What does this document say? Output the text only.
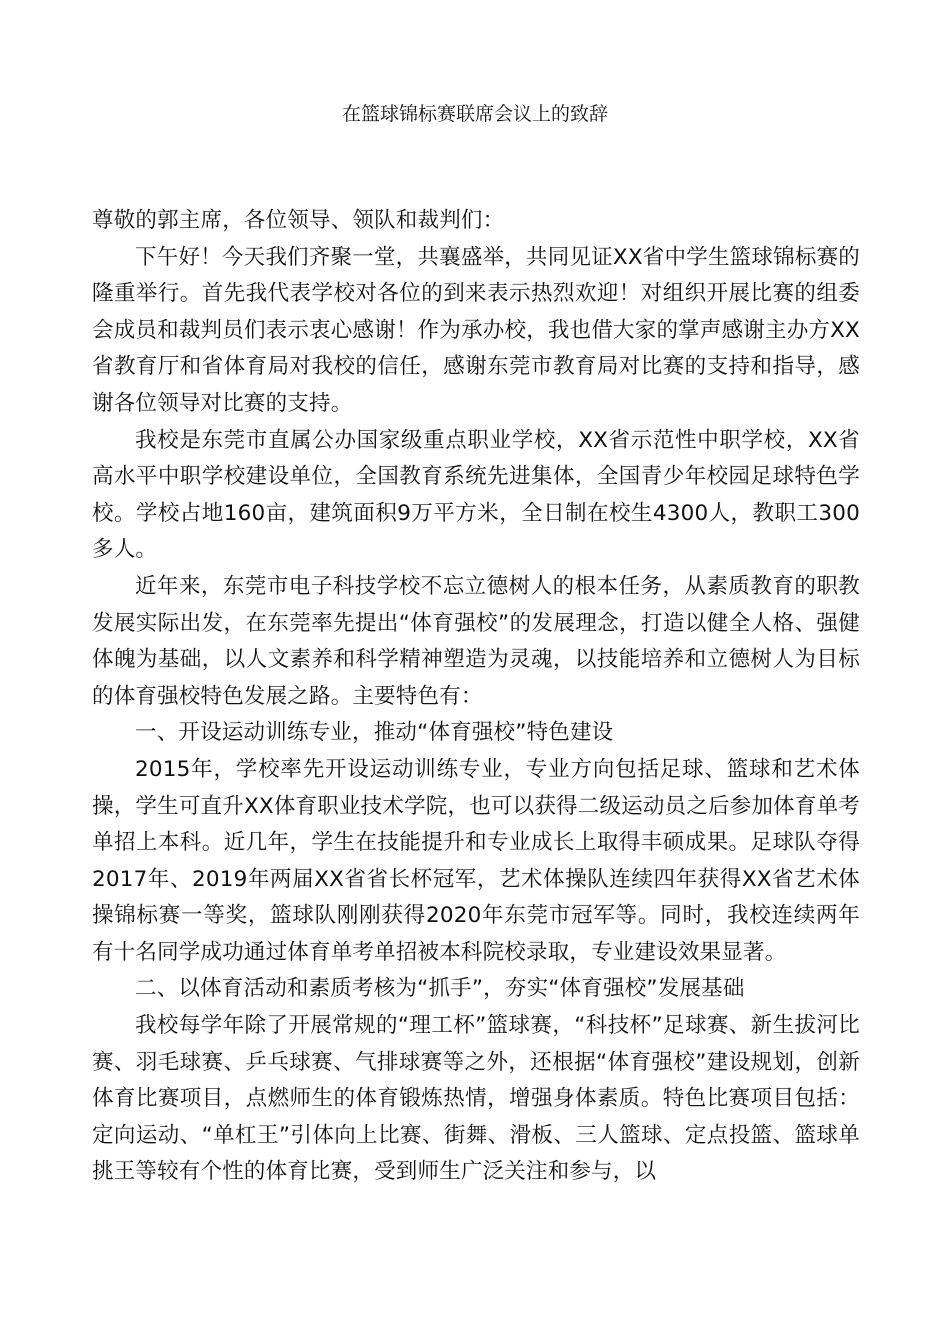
在篮球锦标赛联席会议上的致辞

尊敬的郭主席，各位领导、领队和裁判们：

下午好！今天我们齐聚一堂，共襄盛举，共同见证XX省中学生篮球锦标赛的隆重举行。首先我代表学校对各位的到来表示热烈欢迎！对组织开展比赛的组委会成员和裁判员们表示衷心感谢！作为承办校，我也借大家的掌声感谢主办方XX省教育厅和省体育局对我校的信任，感谢东莞市教育局对比赛的支持和指导，感谢各位领导对比赛的支持。

我校是东莞市直属公办国家级重点职业学校，XX省示范性中职学校，XX省高水平中职学校建设单位，全国教育系统先进集体，全国青少年校园足球特色学校。学校占地160亩，建筑面积9万平方米，全日制在校生4300人，教职工300多人。

近年来，东莞市电子科技学校不忘立德树人的根本任务，从素质教育的职教发展实际出发，在东莞率先提出“体育强校”的发展理念，打造以健全人格、强健体魄为基础，以人文素养和科学精神塑造为灵魂，以技能培养和立德树人为目标的体育强校特色发展之路。主要特色有：

一、开设运动训练专业，推动“体育强校”特色建设

2015年，学校率先开设运动训练专业，专业方向包括足球、篮球和艺术体操，学生可直升XX体育职业技术学院，也可以获得二级运动员之后参加体育单考单招上本科。近几年，学生在技能提升和专业成长上取得丰硕成果。足球队夺得2017年、2019年两届XX省省长杯冠军，艺术体操队连续四年获得XX省艺术体操锦标赛一等奖，篮球队刚刚获得2020年东莞市冠军等。同时，我校连续两年有十名同学成功通过体育单考单招被本科院校录取，专业建设效果显著。

二、以体育活动和素质考核为“抓手”，夯实“体育强校”发展基础

我校每学年除了开展常规的“理工杯”篮球赛，“科技杯”足球赛、新生拔河比赛、羽毛球赛、乒乓球赛、气排球赛等之外，还根据“体育强校”建设规划，创新体育比赛项目，点燃师生的体育锻炼热情，增强身体素质。特色比赛项目包括：定向运动、“单杠王”引体向上比赛、街舞、滑板、三人篮球、定点投篮、篮球单挑王等较有个性的体育比赛，受到师生广泛关注和参与，以
